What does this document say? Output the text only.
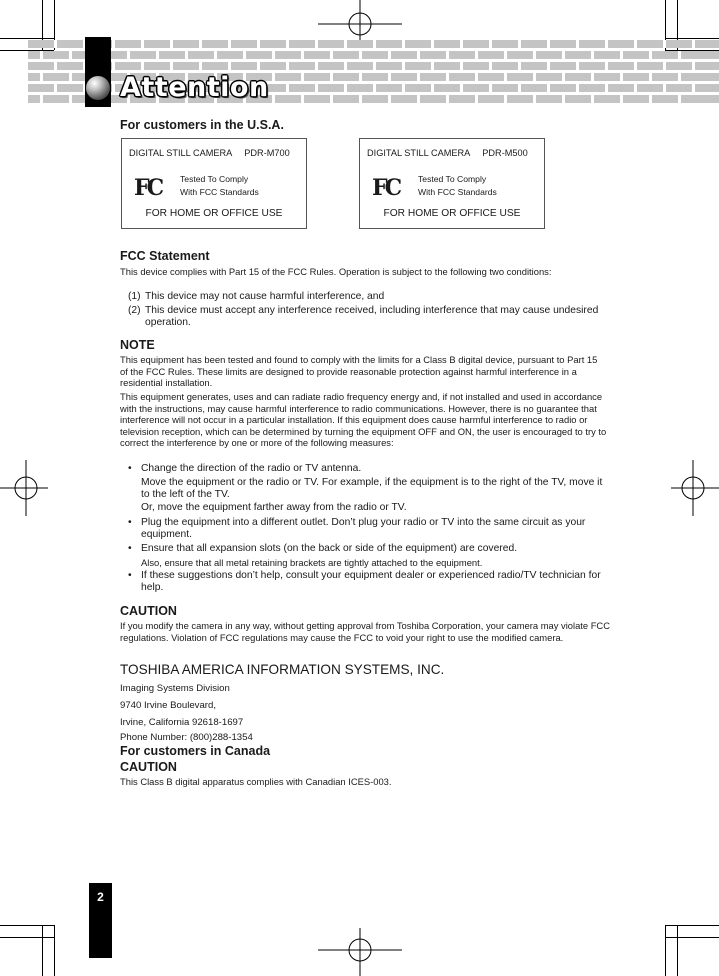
Attention
For customers in the U.S.A.
DIGITAL STILL CAMERA PDR-M700
FC	Tested To Comply
With FCC Standards
FOR HOME OR OFFICE USE
DIGITAL STILL CAMERA PDR-M500
FC	Tested To Comply
With FCC Standards
FOR HOME OR OFFICE USE
FCC Statement
This device complies with Part 15 of the FCC Rules. Operation is subject to the following two conditions:
(1) This device may not cause harmful interference, and
(2) This device must accept any interference received, including interference that may cause undesired operation.
NOTE
This equipment has been tested and found to comply with the limits for a Class B digital device, pursuant to Part 15 of the FCC Rules. These limits are designed to provide reasonable protection against harmful interference in a residential installation.
This equipment generates, uses and can radiate radio frequency energy and, if not installed and used in accordance with the instructions, may cause harmful interference to radio communications. However, there is no guarantee that interference will not occur in a particular installation. If this equipment does cause harmful interference to radio or television reception, which can be determined by turning the equipment OFF and ON, the user is encouraged to try to correct the interference by one or more of the following measures:
• Change the direction of the radio or TV antenna.
Move the equipment or the radio or TV. For example, if the equipment is to the right of the TV, move it to the left of the TV.
Or, move the equipment farther away from the radio or TV.
• Plug the equipment into a different outlet. Don’t plug your radio or TV into the same circuit as your equipment.
• Ensure that all expansion slots (on the back or side of the equipment) are covered.
Also, ensure that all metal retaining brackets are tightly attached to the equipment.
• If these suggestions don’t help, consult your equipment dealer or experienced radio/TV technician for help.
CAUTION
If you modify the camera in any way, without getting approval from Toshiba Corporation, your camera may violate FCC regulations. Violation of FCC regulations may cause the FCC to void your right to use the modified camera.
TOSHIBA AMERICA INFORMATION SYSTEMS, INC.
Imaging Systems Division
9740 Irvine Boulevard,
Irvine, California 92618-1697
Phone Number: (800)288-1354
For customers in Canada
CAUTION
This Class B digital apparatus complies with Canadian ICES-003.
2
